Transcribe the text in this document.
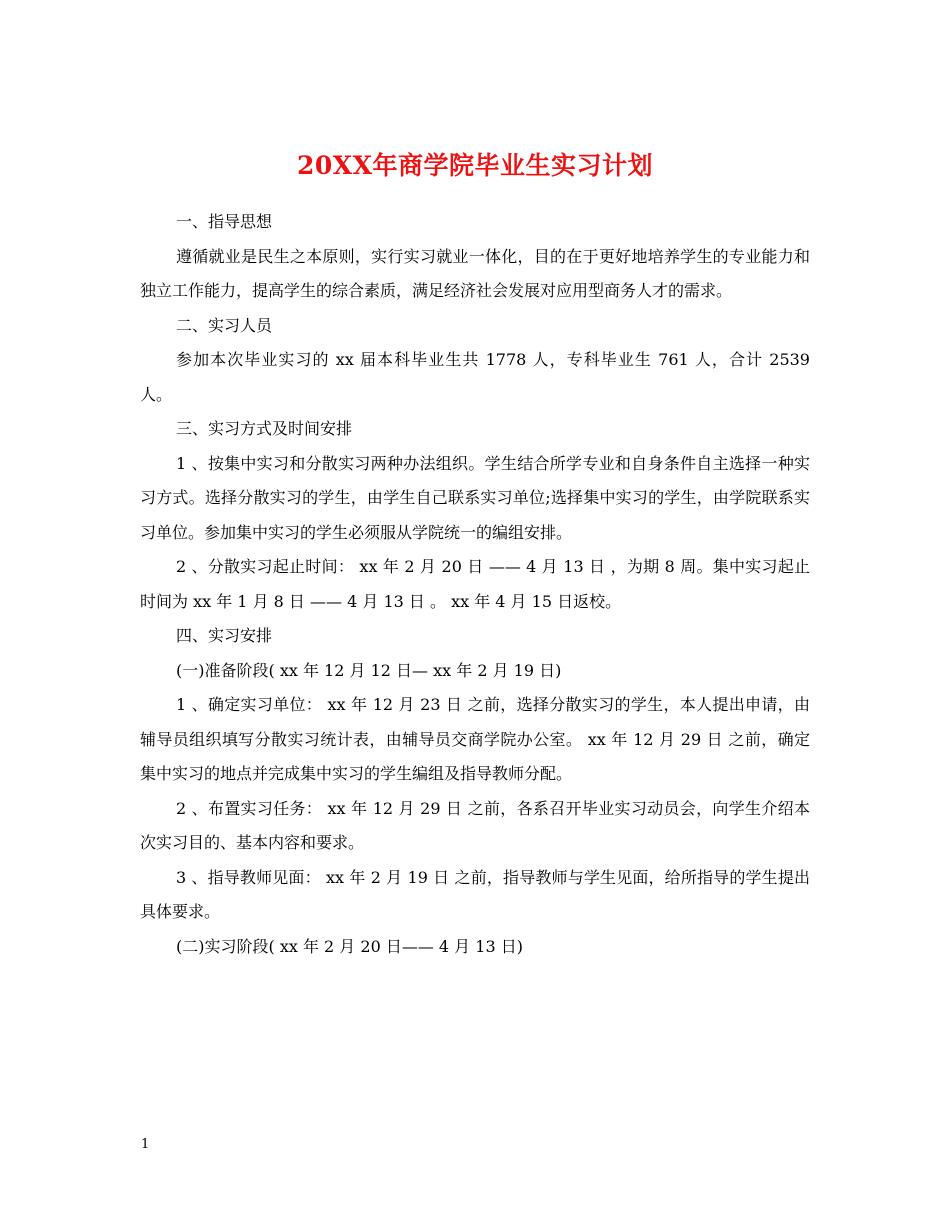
20XX年商学院毕业生实习计划

一、指导思想

遵循就业是民生之本原则，实行实习就业一体化，目的在于更好地培养学生的专业能力和独立工作能力，提高学生的综合素质，满足经济社会发展对应用型商务人才的需求。

二、实习人员

参加本次毕业实习的 xx 届本科毕业生共 1778 人，专科毕业生 761 人，合计 2539 人。

三、实习方式及时间安排

1 、按集中实习和分散实习两种办法组织。学生结合所学专业和自身条件自主选择一种实习方式。选择分散实习的学生，由学生自己联系实习单位;选择集中实习的学生，由学院联系实习单位。参加集中实习的学生必须服从学院统一的编组安排。

2 、分散实习起止时间： xx 年 2 月 20 日 —— 4 月 13 日 ，为期 8 周。集中实习起止时间为 xx 年 1 月 8 日 —— 4 月 13 日 。 xx 年 4 月 15 日返校。

四、实习安排

(一)准备阶段( xx 年 12 月 12 日— xx 年 2 月 19 日)

1 、确定实习单位： xx 年 12 月 23 日 之前，选择分散实习的学生，本人提出申请，由辅导员组织填写分散实习统计表，由辅导员交商学院办公室。 xx 年 12 月 29 日 之前，确定集中实习的地点并完成集中实习的学生编组及指导教师分配。

2 、布置实习任务： xx 年 12 月 29 日 之前，各系召开毕业实习动员会，向学生介绍本次实习目的、基本内容和要求。

3 、指导教师见面： xx 年 2 月 19 日 之前，指导教师与学生见面，给所指导的学生提出具体要求。

(二)实习阶段( xx 年 2 月 20 日—— 4 月 13 日)

1
